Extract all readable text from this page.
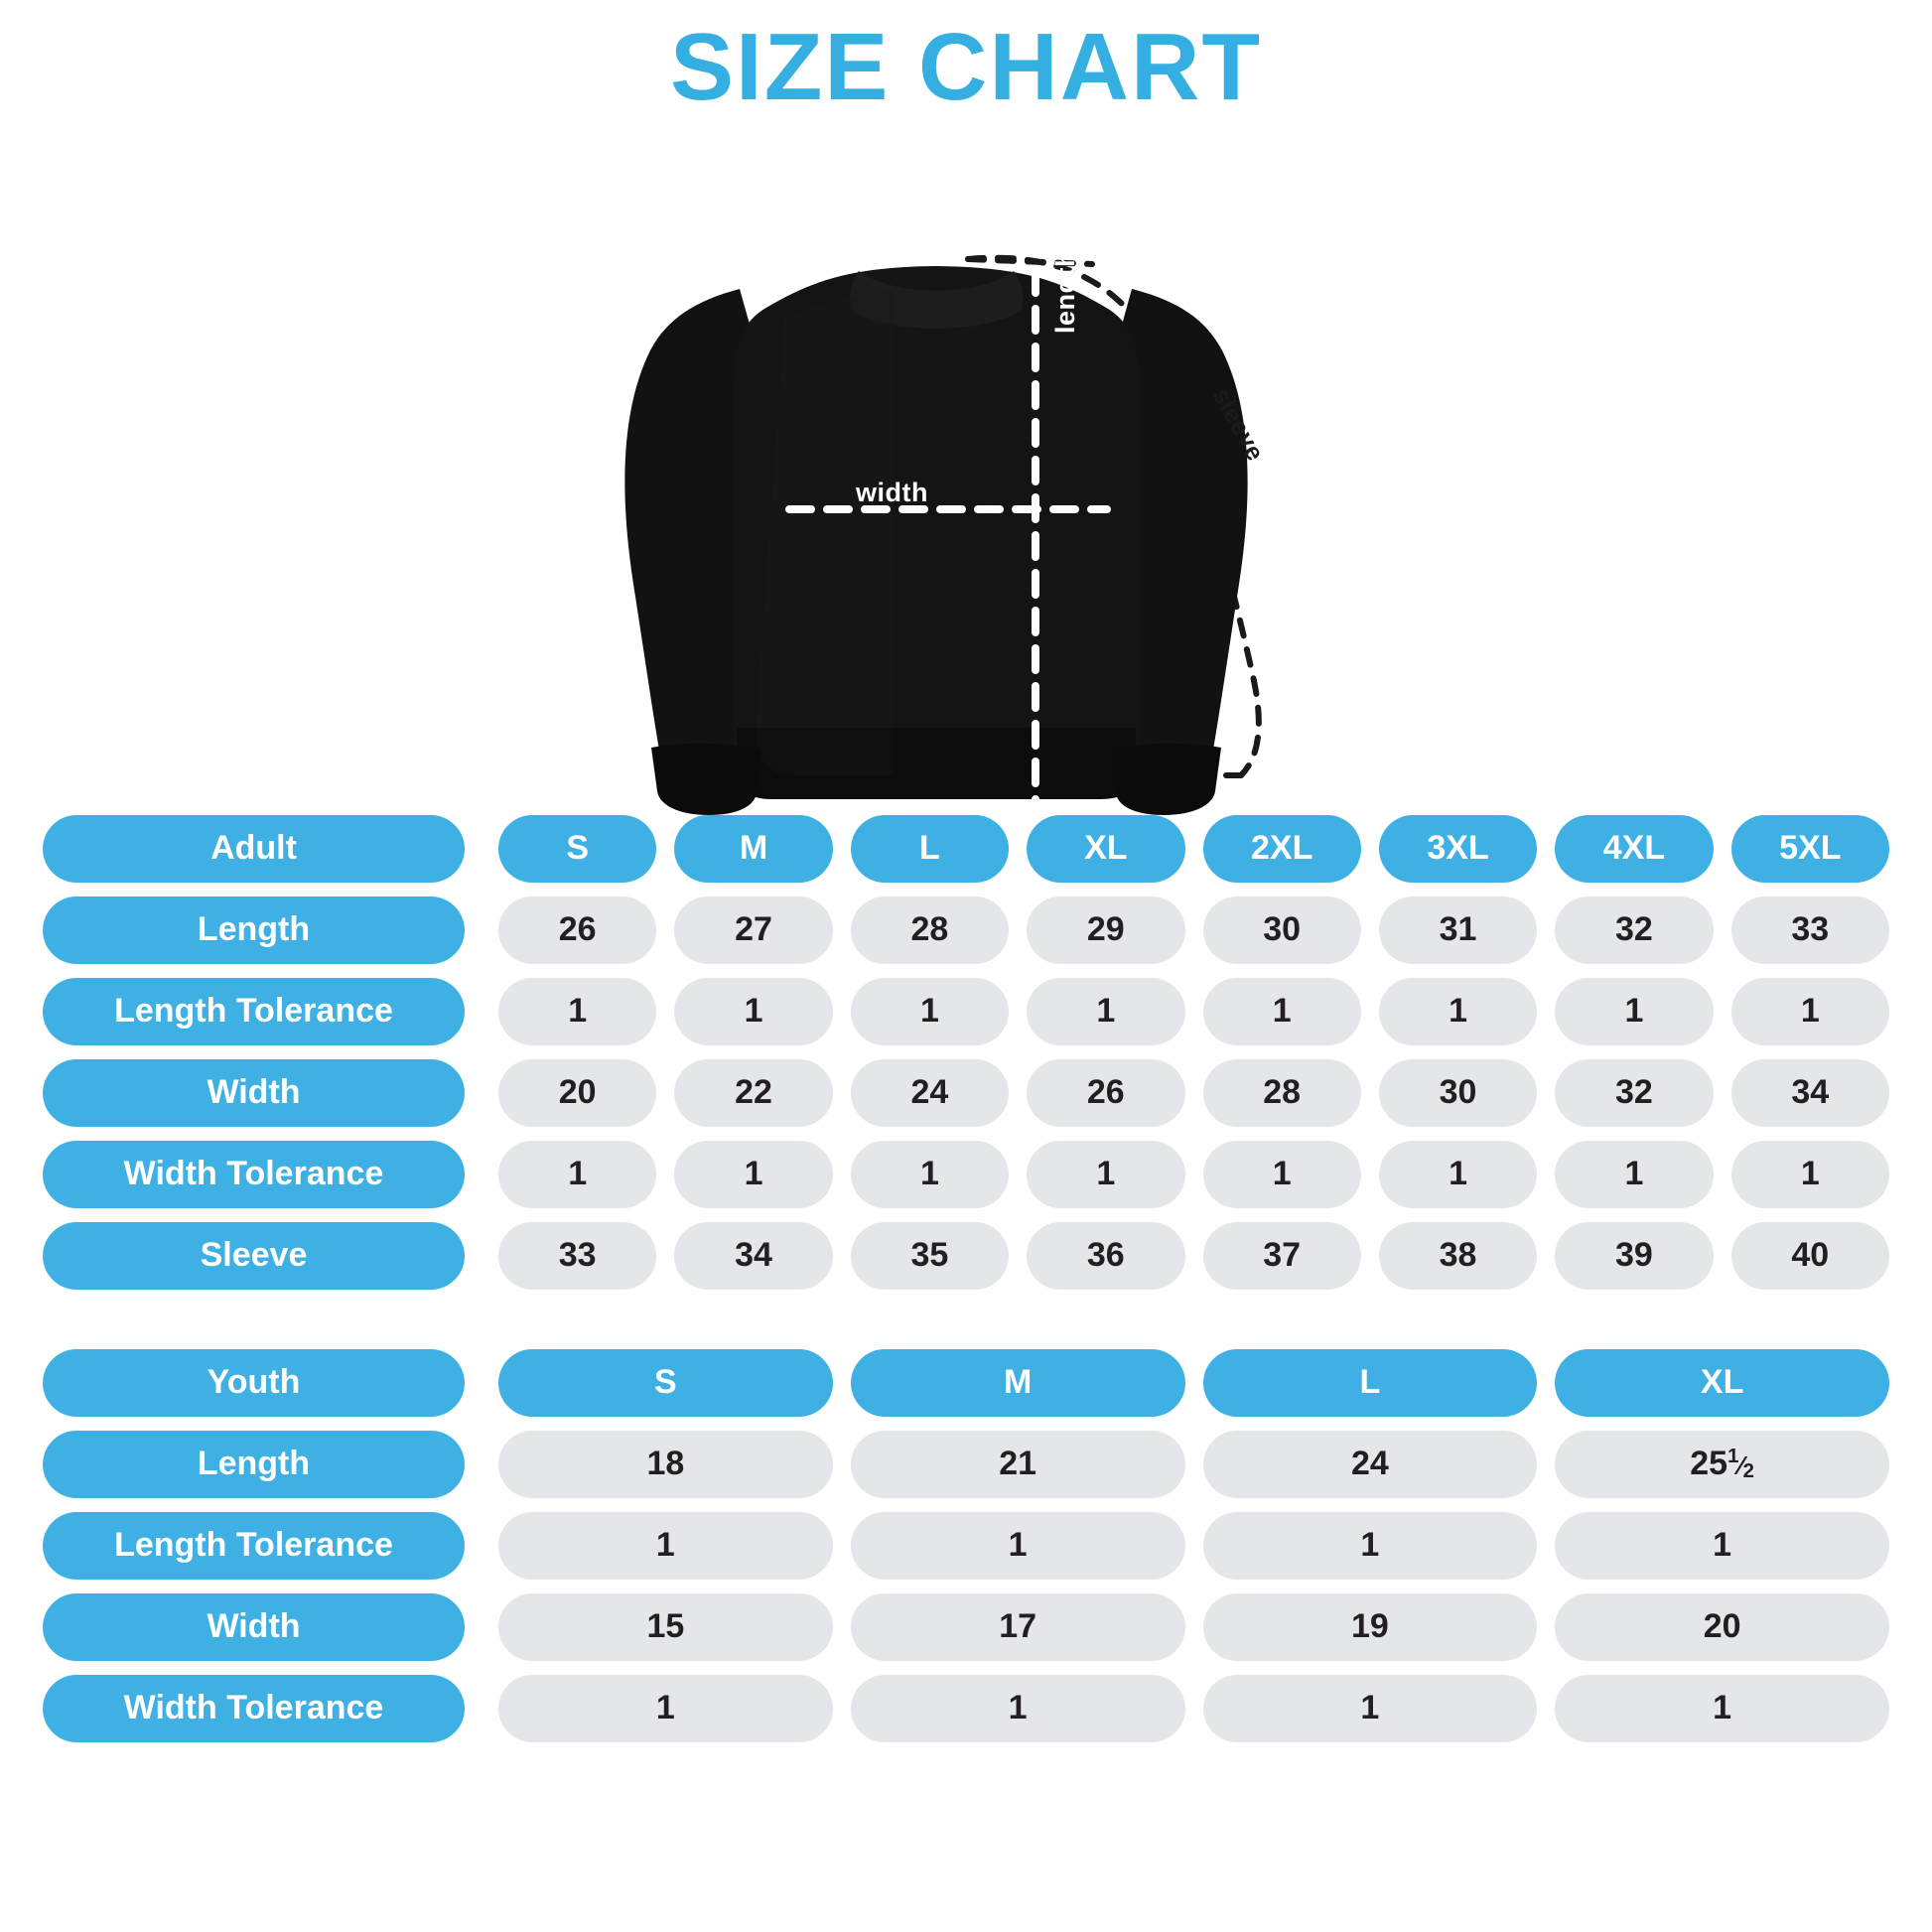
SIZE CHART
width
length
sleeve
Adult	S	M	L	XL	2XL	3XL	4XL	5XL
Length	26	27	28	29	30	31	32	33
Length Tolerance	1	1	1	1	1	1	1	1
Width	20	22	24	26	28	30	32	34
Width Tolerance	1	1	1	1	1	1	1	1
Sleeve	33	34	35	36	37	38	39	40
Youth	S	M	L	XL
Length	18	21	24	$25^1⁄2$
Length Tolerance	1	1	1	1
Width	15	17	19	20
Width Tolerance	1	1	1	1
